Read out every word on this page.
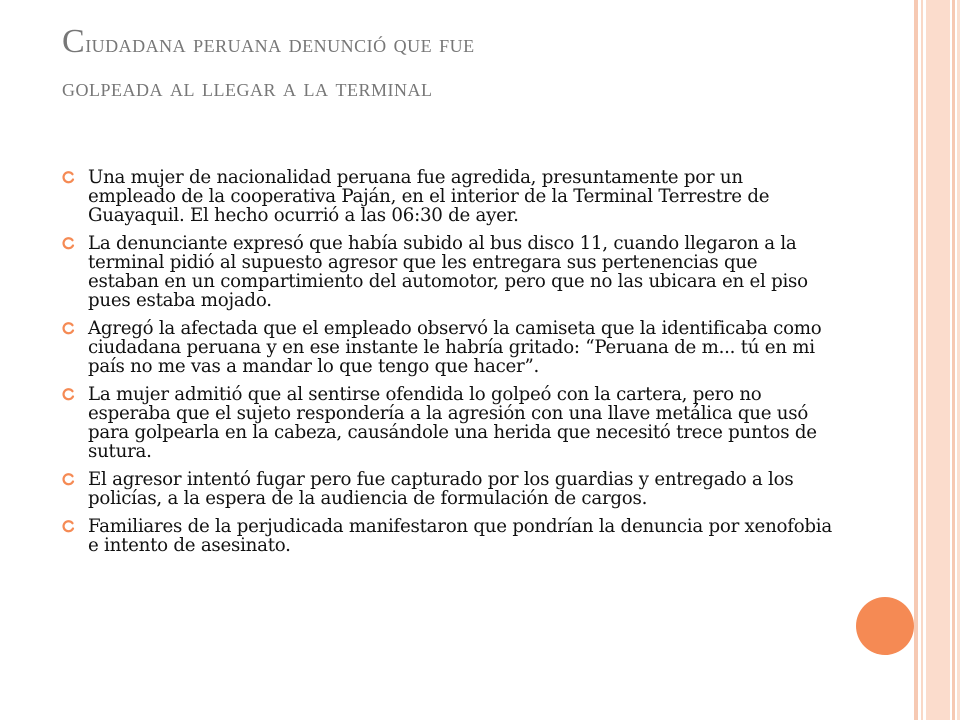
Ciudadana peruana denunció que fue
golpeada al llegar a la terminal
Una mujer de nacionalidad peruana fue agredida, presuntamente por un empleado de la cooperativa Paján, en el interior de la Terminal Terrestre de Guayaquil. El hecho ocurrió a las 06:30 de ayer.
La denunciante expresó que había subido al bus disco 11, cuando llegaron a la terminal pidió al supuesto agresor que les entregara sus pertenencias que estaban en un compartimiento del automotor, pero que no las ubicara en el piso pues estaba mojado.
Agregó la afectada que el empleado observó la camiseta que la identificaba como ciudadana peruana y en ese instante le habría gritado: “Peruana de m... tú en mi país no me vas a mandar lo que tengo que hacer”.
La mujer admitió que al sentirse ofendida lo golpeó con la cartera, pero no esperaba que el sujeto respondería a la agresión con una llave metálica que usó para golpearla en la cabeza, causándole una herida que necesitó trece puntos de sutura.
El agresor intentó fugar pero fue capturado por los guardias y entregado a los policías, a la espera de la audiencia de formulación de cargos.
Familiares de la perjudicada manifestaron que pondrían la denuncia por xenofobia e intento de asesinato.
